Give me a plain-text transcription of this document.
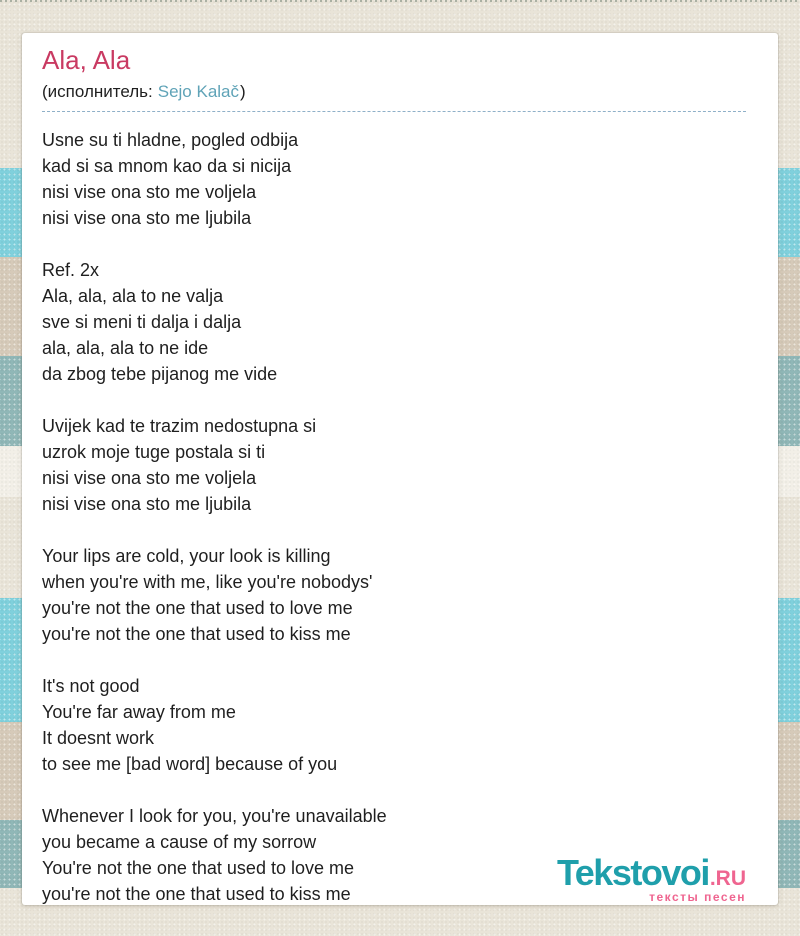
Ala, Ala
(исполнитель: Sejo Kalač)

Usne su ti hladne, pogled odbija
kad si sa mnom kao da si nicija
nisi vise ona sto me voljela
nisi vise ona sto me ljubila

Ref. 2x
Ala, ala, ala to ne valja
sve si meni ti dalja i dalja
ala, ala, ala to ne ide
da zbog tebe pijanog me vide

Uvijek kad te trazim nedostupna si
uzrok moje tuge postala si ti
nisi vise ona sto me voljela
nisi vise ona sto me ljubila

Your lips are cold, your look is killing
when you're with me, like you're nobodys'
you're not the one that used to love me
you're not the one that used to kiss me

It's not good
You're far away from me
It doesnt work
to see me [bad word] because of you

Whenever I look for you, you're unavailable
you became a cause of my sorrow
You're not the one that used to love me
you're not the one that used to kiss me

Tekstovoi .RU
тексты песен
